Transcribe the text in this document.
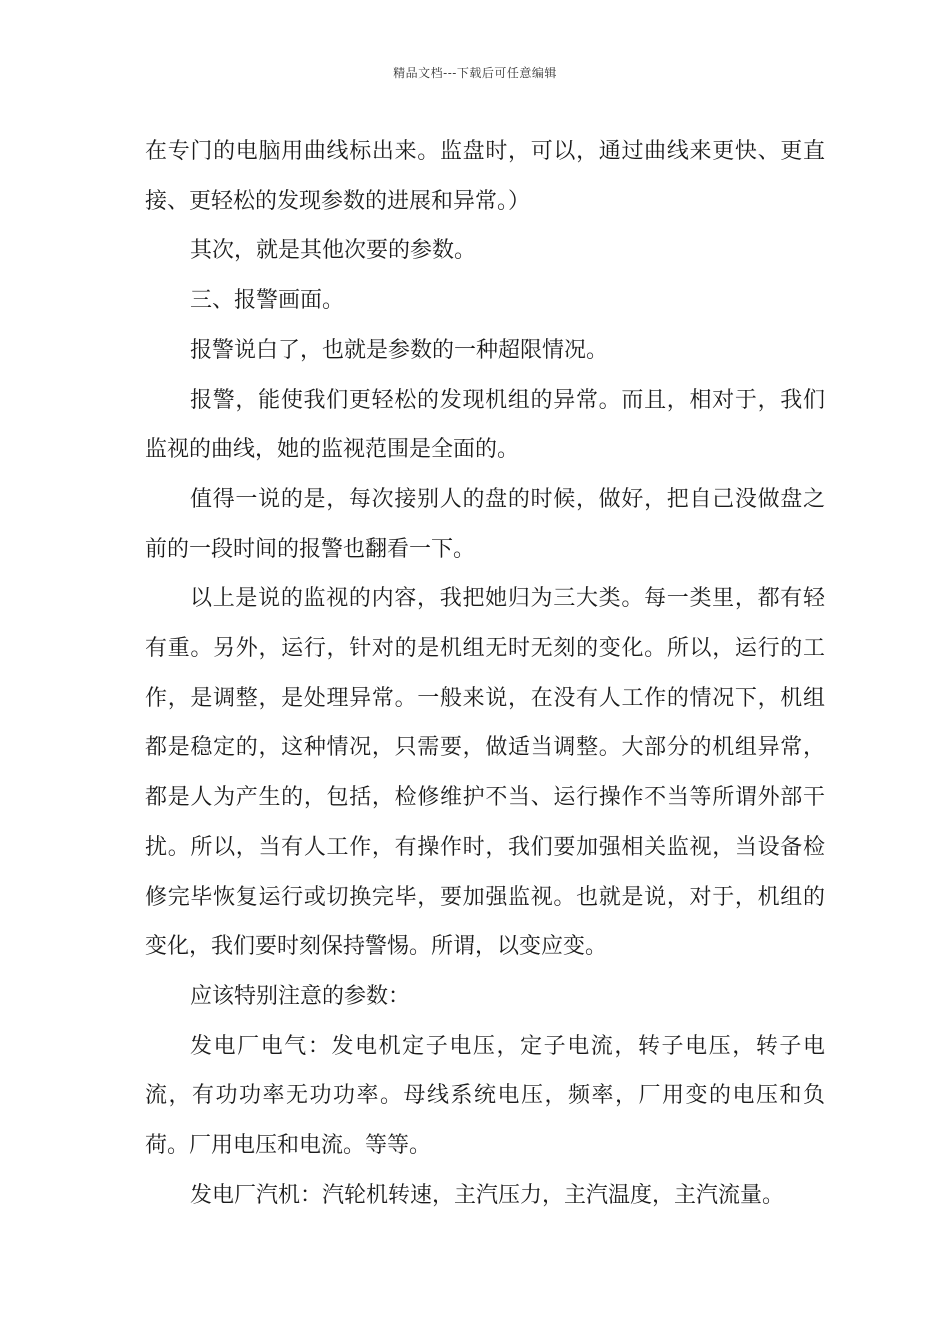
精品文档---下载后可任意编辑

在专门的电脑用曲线标出来。监盘时，可以，通过曲线来更快、更直接、更轻松的发现参数的进展和异常。）

其次，就是其他次要的参数。

三、报警画面。

报警说白了，也就是参数的一种超限情况。

报警，能使我们更轻松的发现机组的异常。而且，相对于，我们监视的曲线，她的监视范围是全面的。

值得一说的是，每次接别人的盘的时候，做好，把自己没做盘之前的一段时间的报警也翻看一下。

以上是说的监视的内容，我把她归为三大类。每一类里，都有轻有重。另外，运行，针对的是机组无时无刻的变化。所以，运行的工作，是调整，是处理异常。一般来说，在没有人工作的情况下，机组都是稳定的，这种情况，只需要，做适当调整。大部分的机组异常，都是人为产生的，包括，检修维护不当、运行操作不当等所谓外部干扰。所以，当有人工作，有操作时，我们要加强相关监视，当设备检修完毕恢复运行或切换完毕，要加强监视。也就是说，对于，机组的变化，我们要时刻保持警惕。所谓，以变应变。

应该特别注意的参数：

发电厂电气：发电机定子电压，定子电流，转子电压，转子电流，有功功率无功功率。母线系统电压，频率，厂用变的电压和负荷。厂用电压和电流。等等。

发电厂汽机：汽轮机转速，主汽压力，主汽温度，主汽流量。
